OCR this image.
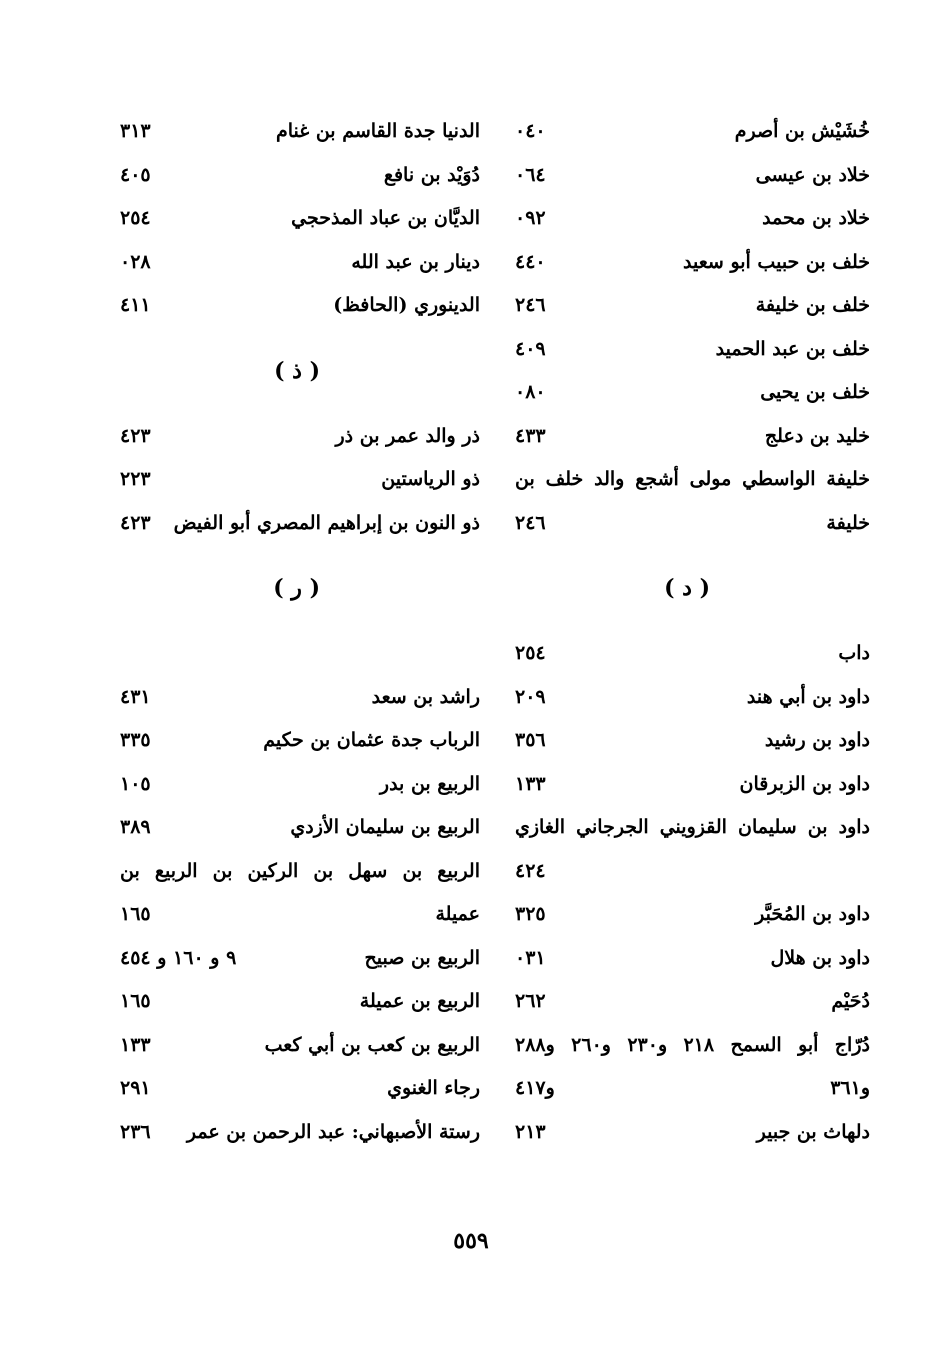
خُشَيْش بن أصرم
٠٤٠
خلاد بن عيسى
٠٦٤
خلاد بن محمد
٠٩٢
خلف بن حبيب أبو سعيد
٤٤٠
خلف بن خليفة
٢٤٦
خلف بن عبد الحميد
٤٠٩
خلف بن يحيى
٠٨٠
خليد بن دعلج
٤٣٣
خليفة الواسطي مولى أشجع والد خلف بن
خليفة
٢٤٦
( د )
داب
٢٥٤
داود بن أبي هند
٢٠٩
داود بن رشيد
٣٥٦
داود بن الزبرقان
١٣٣
داود بن سليمان القزويني الجرجاني الغازي
٤٢٤
داود بن المُحَبَّر
٣٢٥
داود بن هلال
٠٣١
دُحَيْم
٢٦٢
دُرّاج أبو السمح ٢١٨ و٢٣٠ و٢٦٠ و٢٨٨
و٣٦١ و٤١٧
دلهاث بن جبير
٢١٣
الدنيا جدة القاسم بن غنام
٣١٣
دُوَيْد بن نافع
٤٠٥
الديَّان بن عباد المذحجي
٢٥٤
دينار بن عبد الله
٠٢٨
الدينوري (الحافظ)
٤١١
( ذ )
ذر والد عمر بن ذر
٤٢٣
ذو الرياستين
٢٢٣
ذو النون بن إبراهيم المصري أبو الفيض
٤٢٣
( ر )
راشد بن سعد
٤٣١
الرباب جدة عثمان بن حكيم
٣٣٥
الربيع بن بدر
١٠٥
الربيع بن سليمان الأزدي
٣٨٩
الربيع بن سهل بن الركين بن الربيع بن
عميلة
١٦٥
الربيع بن صبيح
٩ و ١٦٠ و ٤٥٤
الربيع بن عميلة
١٦٥
الربيع بن كعب بن أبي كعب
١٣٣
رجاء الغنوي
٢٩١
رستة الأصبهاني: عبد الرحمن بن عمر
٢٣٦
٥٥٩
